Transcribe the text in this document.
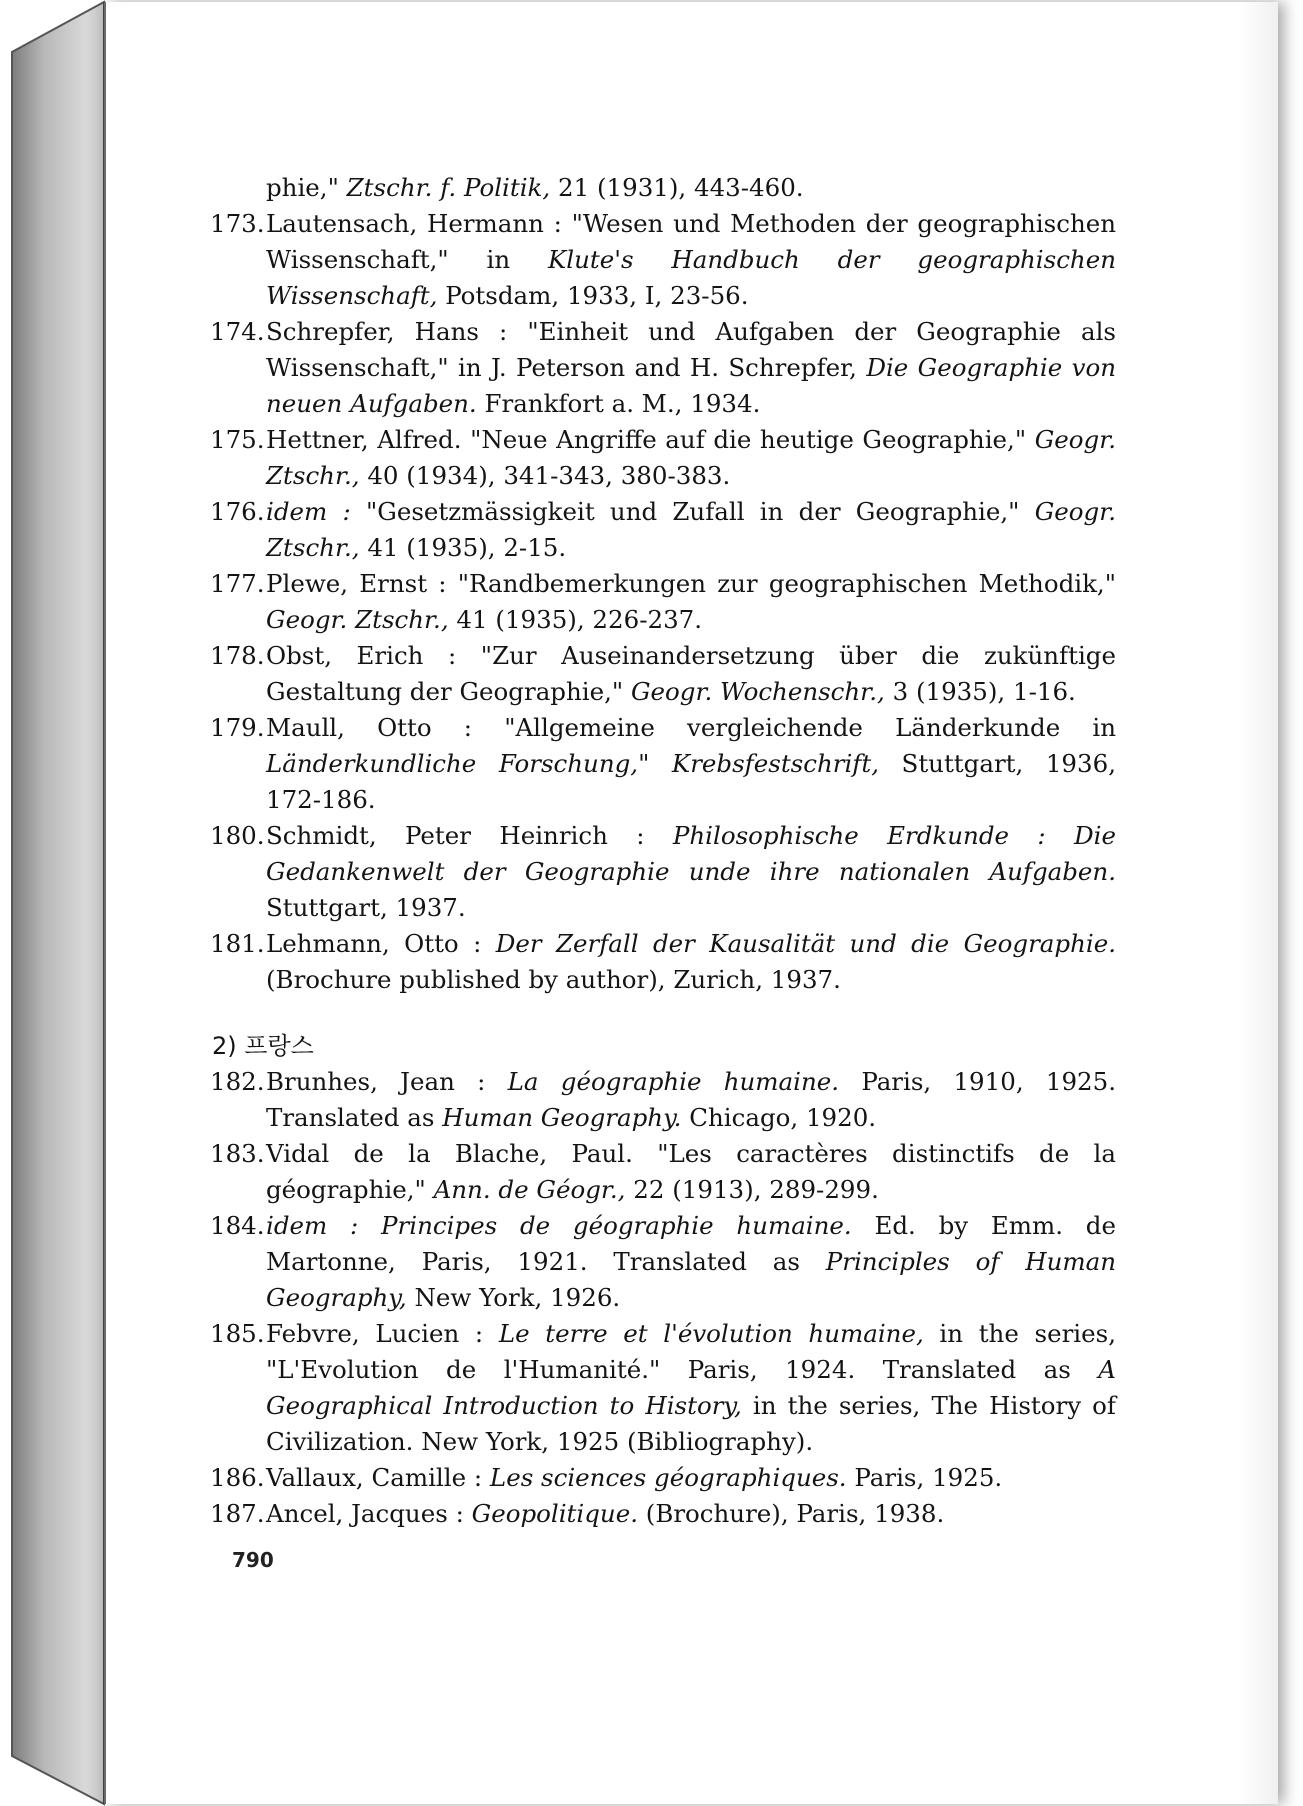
phie," Ztschr. f. Politik, 21 (1931), 443-460.

173. Lautensach, Hermann : "Wesen und Methoden der geographischen Wissenschaft," in Klute's Handbuch der geographischen Wissenschaft, Potsdam, 1933, Ⅰ, 23-56.

174. Schrepfer, Hans : "Einheit und Aufgaben der Geographie als Wissenschaft," in J. Peterson and H. Schrepfer, Die Geographie von neuen Aufgaben. Frankfort a. M., 1934.

175. Hettner, Alfred. "Neue Angriffe auf die heutige Geographie," Geogr. Ztschr., 40 (1934), 341-343, 380-383.

176. idem : "Gesetzmässigkeit und Zufall in der Geographie," Geogr. Ztschr., 41 (1935), 2-15.

177. Plewe, Ernst : "Randbemerkungen zur geographischen Methodik," Geogr. Ztschr., 41 (1935), 226-237.

178. Obst, Erich : "Zur Auseinandersetzung über die zukünftige Gestaltung der Geographie," Geogr. Wochenschr., 3 (1935), 1-16.

179. Maull, Otto : "Allgemeine vergleichende Länderkunde in Länderkundliche Forschung," Krebsfestschrift, Stuttgart, 1936, 172-186.

180. Schmidt, Peter Heinrich : Philosophische Erdkunde : Die Gedankenwelt der Geographie unde ihre nationalen Aufgaben. Stuttgart, 1937.

181. Lehmann, Otto : Der Zerfall der Kausalität und die Geographie. (Brochure published by author), Zurich, 1937.

2) 프랑스

182. Brunhes, Jean : La géographie humaine. Paris, 1910, 1925. Translated as Human Geography. Chicago, 1920.

183. Vidal de la Blache, Paul. "Les caractères distinctifs de la géographie," Ann. de Géogr., 22 (1913), 289-299.

184. idem : Principes de géographie humaine. Ed. by Emm. de Martonne, Paris, 1921. Translated as Principles of Human Geography, New York, 1926.

185. Febvre, Lucien : Le terre et l'évolution humaine, in the series, "L'Evolution de l'Humanité." Paris, 1924. Translated as A Geographical Introduction to History, in the series, The History of Civilization. New York, 1925 (Bibliography).

186. Vallaux, Camille : Les sciences géographiques. Paris, 1925.

187. Ancel, Jacques : Geopolitique. (Brochure), Paris, 1938.

790
